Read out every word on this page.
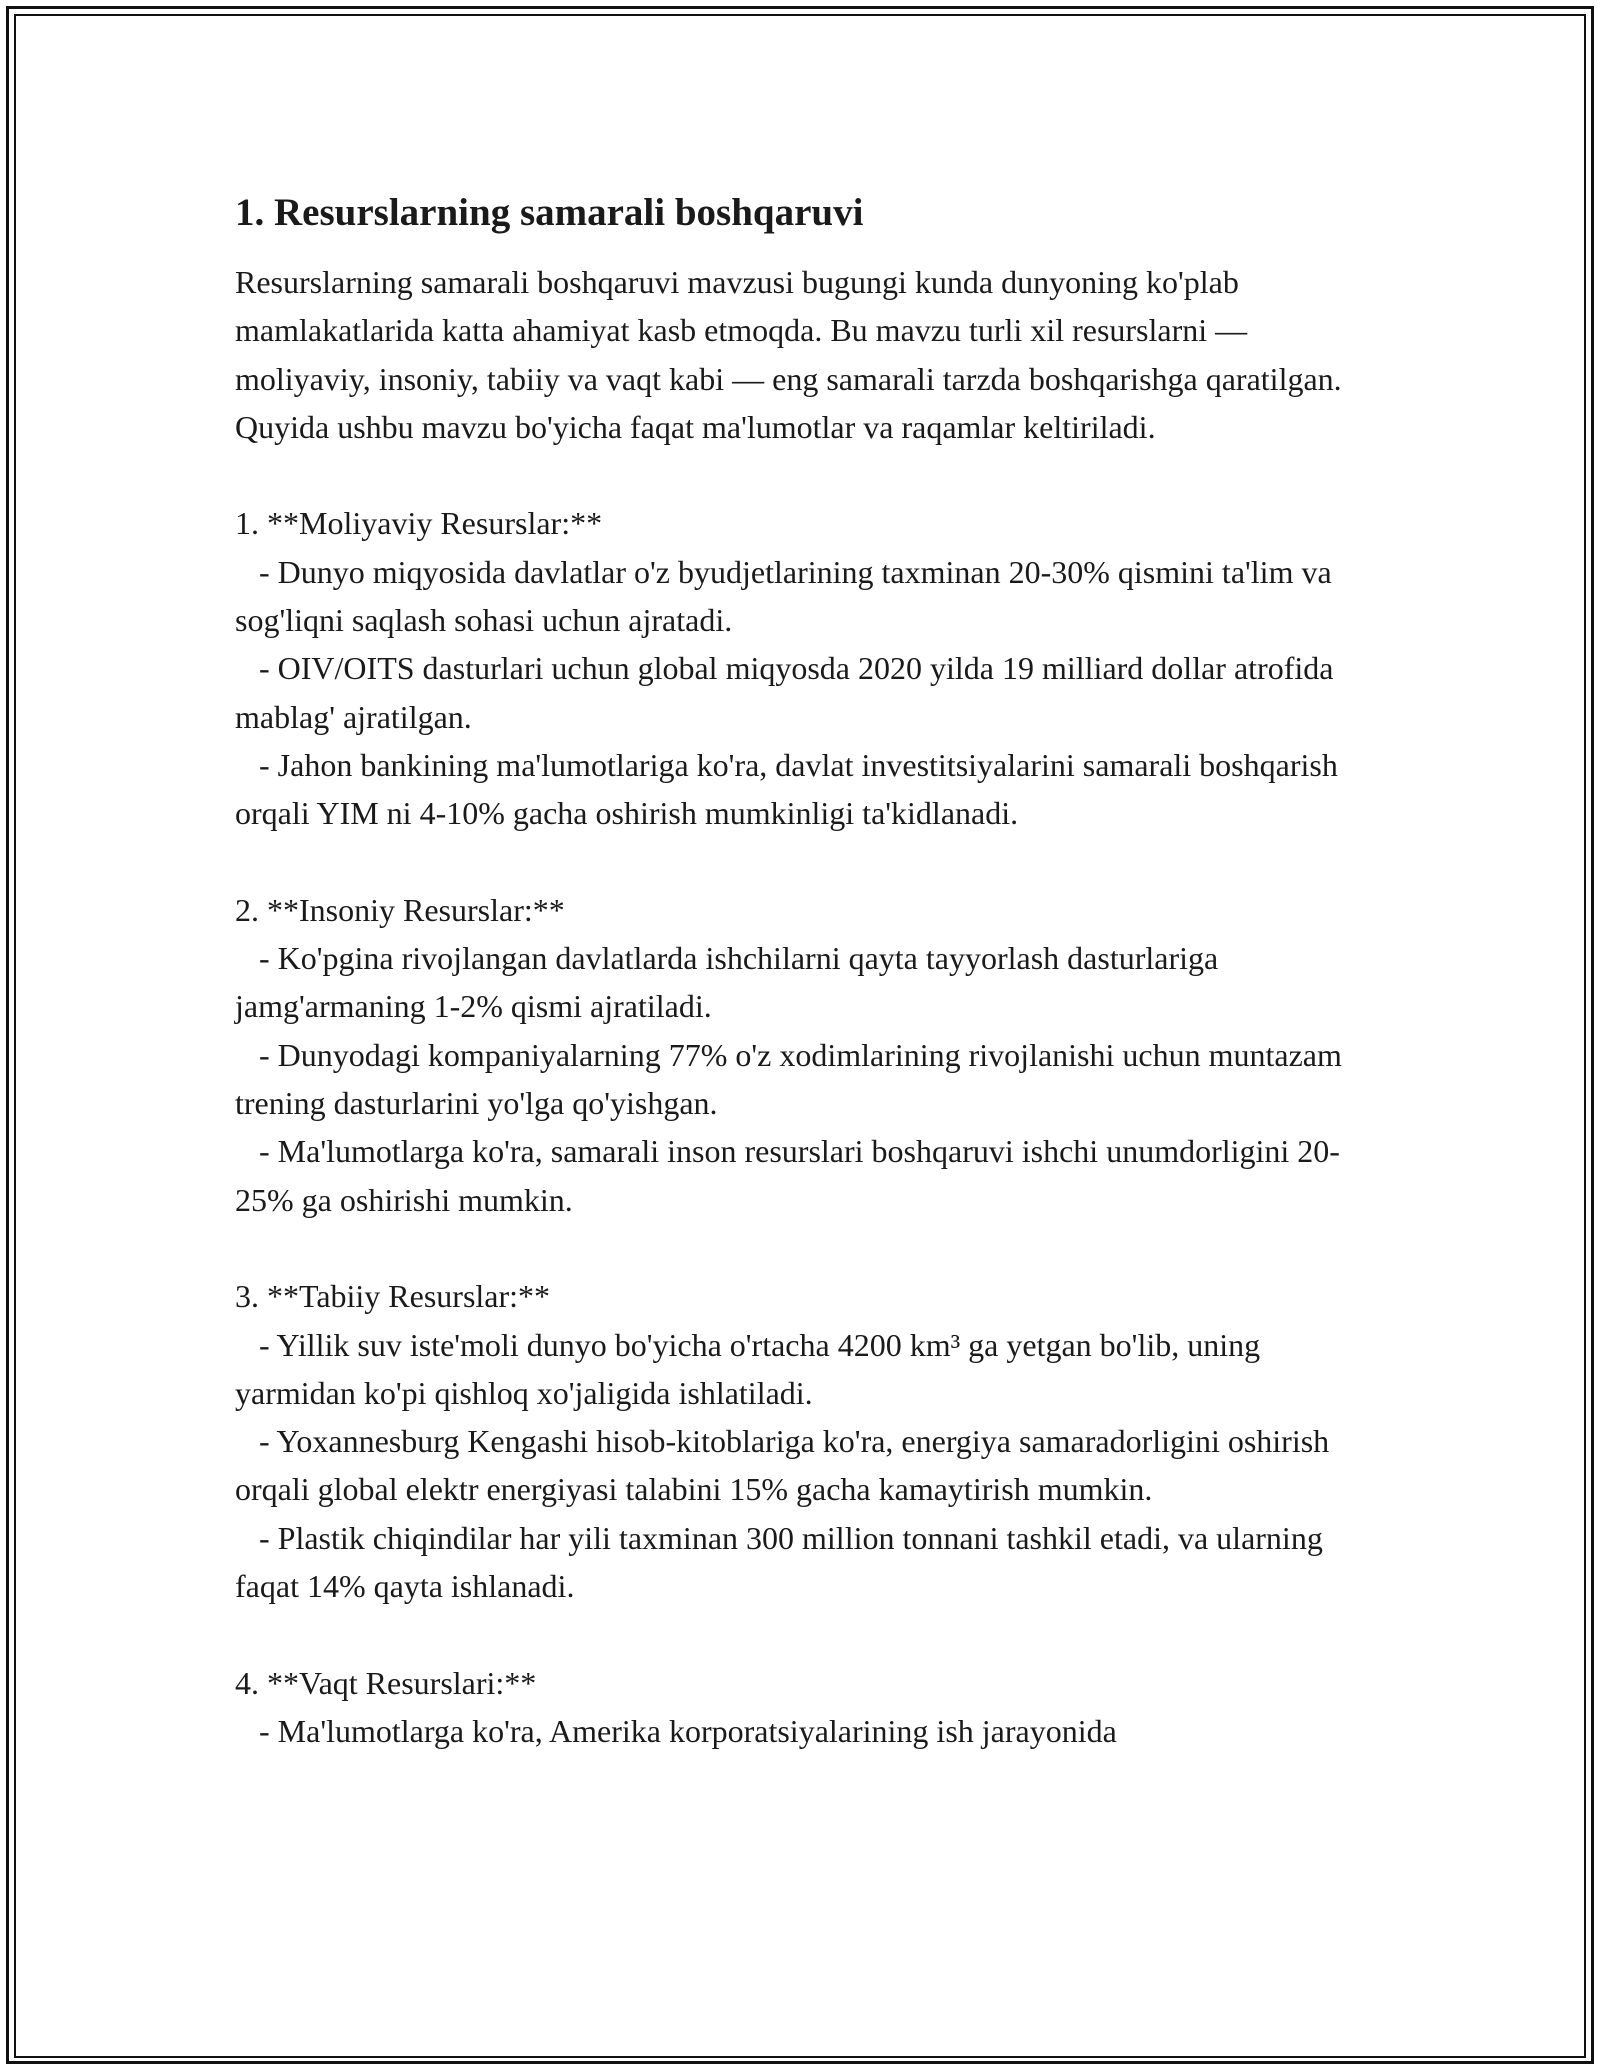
1. Resurslarning samarali boshqaruvi

Resurslarning samarali boshqaruvi mavzusi bugungi kunda dunyoning ko'plab mamlakatlarida katta ahamiyat kasb etmoqda. Bu mavzu turli xil resurslarni — moliyaviy, insoniy, tabiiy va vaqt kabi — eng samarali tarzda boshqarishga qaratilgan. Quyida ushbu mavzu bo'yicha faqat ma'lumotlar va raqamlar keltiriladi.

1. **Moliyaviy Resurslar:**
- Dunyo miqyosida davlatlar o'z byudjetlarining taxminan 20-30% qismini ta'lim va sog'liqni saqlash sohasi uchun ajratadi.
- OIV/OITS dasturlari uchun global miqyosda 2020 yilda 19 milliard dollar atrofida mablag' ajratilgan.
- Jahon bankining ma'lumotlariga ko'ra, davlat investitsiyalarini samarali boshqarish orqali YIM ni 4-10% gacha oshirish mumkinligi ta'kidlanadi.
2. **Insoniy Resurslar:**
- Ko'pgina rivojlangan davlatlarda ishchilarni qayta tayyorlash dasturlariga jamg'armaning 1-2% qismi ajratiladi.
- Dunyodagi kompaniyalarning 77% o'z xodimlarining rivojlanishi uchun muntazam trening dasturlarini yo'lga qo'yishgan.
- Ma'lumotlarga ko'ra, samarali inson resurslari boshqaruvi ishchi unumdorligini 20-25% ga oshirishi mumkin.
3. **Tabiiy Resurslar:**
- Yillik suv iste'moli dunyo bo'yicha o'rtacha 4200 km³ ga yetgan bo'lib, uning yarmidan ko'pi qishloq xo'jaligida ishlatiladi.
- Yoxannesburg Kengashi hisob-kitoblariga ko'ra, energiya samaradorligini oshirish orqali global elektr energiyasi talabini 15% gacha kamaytirish mumkin.
- Plastik chiqindilar har yili taxminan 300 million tonnani tashkil etadi, va ularning faqat 14% qayta ishlanadi.
4. **Vaqt Resurslari:**
- Ma'lumotlarga ko'ra, Amerika korporatsiyalarining ish jarayonida
